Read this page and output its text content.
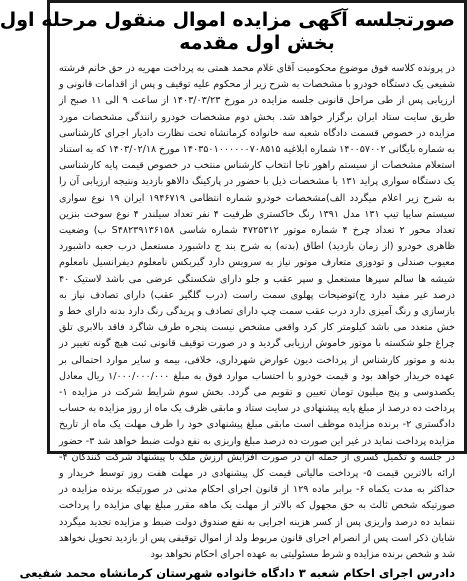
صورتجلسه آگهی مزایده اموال منقول مرحله اول
بخش اول مقدمه

در پرونده کلاسه فوق موضوع محکومیت آقای غلام محمد همتی به پرداخت مهریه در حق خانم فرشته شفیعی یک دستگاه خودرو با مشخصات به شرح زیر از محکوم علیه توقیف و پس از اقدامات قانونی و ارزیابی پس از طی مراحل قانونی جلسه مزایده در مورخ ۱۴۰۳/۰۳/۲۳ از ساعت ۹ الی ۱۱ صبح از طریق سایت ستاد ایران برگزار خواهد شد. بخش دوم مشخصات خودرو رانندگی مشخصات مورد مزایده در خصوص قسمت دادگاه شعبه سه خانواده کرمانشاه تحت نظارت دادیار اجرای کارشناسی به شماره بایگانی ۱۴۰۰۵۷۰۰۲ شماره ابلاغیه ۱۴۰۳۵۰۱۰۰۰۰۰۰۷۰۸۵۱۵ مورخ ۱۴۰۳/۰۲/۱۸ که به استناد استعلام مشخصات از سیستم راهور ناجا انتخاب کارشناس منتخب در خصوص قیمت پایه کارشناسی یک دستگاه سواری پراید ۱۳۱ با مشخصات ذیل با حضور در پارکینگ دالاهو بازدید ونتیجه ارزیابی آن را به شرح زیر اعلام میگردد الف)مشخصات خودرو شماره انتظامی ۱۹۴۶۷۱۹ ایران ۱۹ نوع سواری سیستم سایپا تیپ ۱۳۱ مدل ۱۳۹۱ رنگ خاکستری ظرفیت ۴ نفر تعداد سیلندر ۴ نوع سوخت بنزین تعداد محور ۲ تعداد چرخ ۴ شماره موتور ۴۷۲۵۳۱۲ شماره شاسی S۴۸۲۳۹۱۳۶۱۵۸ ب) وضعیت ظاهری خودرو (از زمان بازدید) اطاق (بدنه) به شرح بند ج داشبورد مستعمل درب جعبه داشبورد معیوب صندلی و تودوزی متعارف موتور نیاز به سرویس دارد گیربکس نامعلوم دیفرانسیل نامعلوم شیشه ها سالم سپرها مستعمل و سپر عقب و جلو دارای شکستگی عرضی می باشد لاستیک ۴۰ درصد غیر مفید دارد ج)توضیحات پهلوی سمت راست (درب گلگیر عقب) دارای تصادف نیاز به بازسازی و رنگ آمیزی دارد درب عقب سمت چپ دارای تصادف و پریدگی رنگ دارد بدنه دارای خط و خش متعدد می باشد کیلومتر کار کرد واقعی مشخص نیست پنجره طرف شاگرد فاقد بالابری تلق چراغ جلو شکسته با موتور خاموش ارزیابی گردید و در صورت توقیف قانونی ثبت هیچ گونه تغییر در بدنه و موتور کارشناس از پرداخت دیون عوارض شهرداری، خلافی، بیمه و سایر موارد احتمالی بر عهده خریدار خواهد بود و قیمت خودرو با احتساب موارد فوق به مبلغ ۱/۰۰۰/۰۰۰/۰۰۰ ریال معادل یکصدوسی و پنج میلیون تومان تعیین و تقویم می گردد. بخش سوم شرایط شرکت در مزایده ۱- پرداخت ده درصد از مبلغ پایه پیشنهادی در سایت ستاد و مابقی ظرف یک ماه از روز مزایده به حساب دادگستری ۲- برنده مزایده موظف است مابقی مبلغ پیشنهادی خود را ظرف مهلت یک ماه از تاریخ مزایده پرداخت نماید در غیر این صورت ده درصد مبلغ واریزی به نفع دولت ضبط خواهد شد ۳- حضور در جلسه و تکمیل کسری از جمله آن در صورت افزایش ارزش ملک با پیشنهاد شرکت کنندگان ۴- ارائه بالاترین قیمت ۵- پرداخت مالیاتی قیمت کل پیشنهادی در مهلت هفت روز توسط خریدار و حداکثر به مدت یکماه ۶- برابر ماده ۱۲۹ از قانون اجرای احکام مدنی در صورتیکه برنده مزایده در صورتیکه شخص ثالث به حق مجهول که بالاتر از مهلت یک ماهه مقرر مبلغ بهای مزایده را پرداخت ننماید ده درصد واریزی پس از کسر هزینه اجرایی به نفع صندوق دولت ضبط و مزایده تجدید میگردد شایان ذکر است پس از انصرام اجرای قانون مربوط ولد از اموال توقیفی پس از بازدید تحویل نخواهد شد و شخص برنده مزایده و شرط مسئولیتی به عهده اجرای احکام نخواهد بود

دادرس اجرای احکام شعبه ۳ دادگاه خانواده شهرستان کرمانشاه محمد شفیعی
